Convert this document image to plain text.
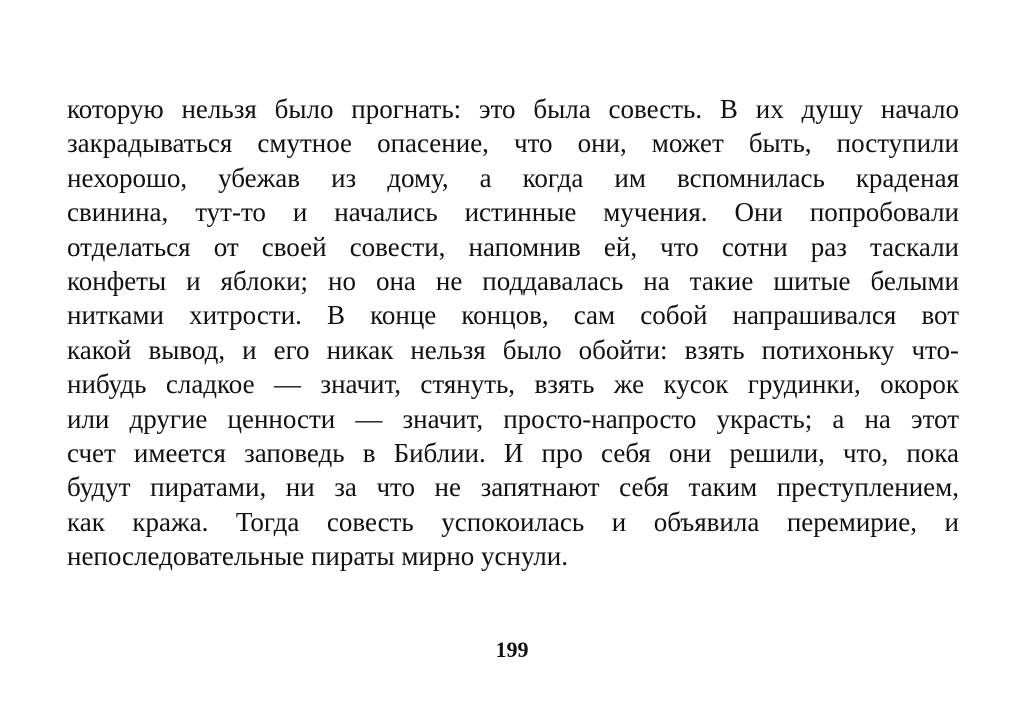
которую нельзя было прогнать: это была совесть. В их душу начало
закрадываться смутное опасение, что они, может быть, поступили
нехорошо, убежав из дому, а когда им вспомнилась краденая
свинина, тут-то и начались истинные мучения. Они попробовали
отделаться от своей совести, напомнив ей, что сотни раз таскали
конфеты и яблоки; но она не поддавалась на такие шитые белыми
нитками хитрости. В конце концов, сам собой напрашивался вот
какой вывод, и его никак нельзя было обойти: взять потихоньку что-
нибудь сладкое — значит, стянуть, взять же кусок грудинки, окорок
или другие ценности — значит, просто-напросто украсть; а на этот
счет имеется заповедь в Библии. И про себя они решили, что, пока
будут пиратами, ни за что не запятнают себя таким преступлением,
как кража. Тогда совесть успокоилась и объявила перемирие, и
непоследовательные пираты мирно уснули.
199
